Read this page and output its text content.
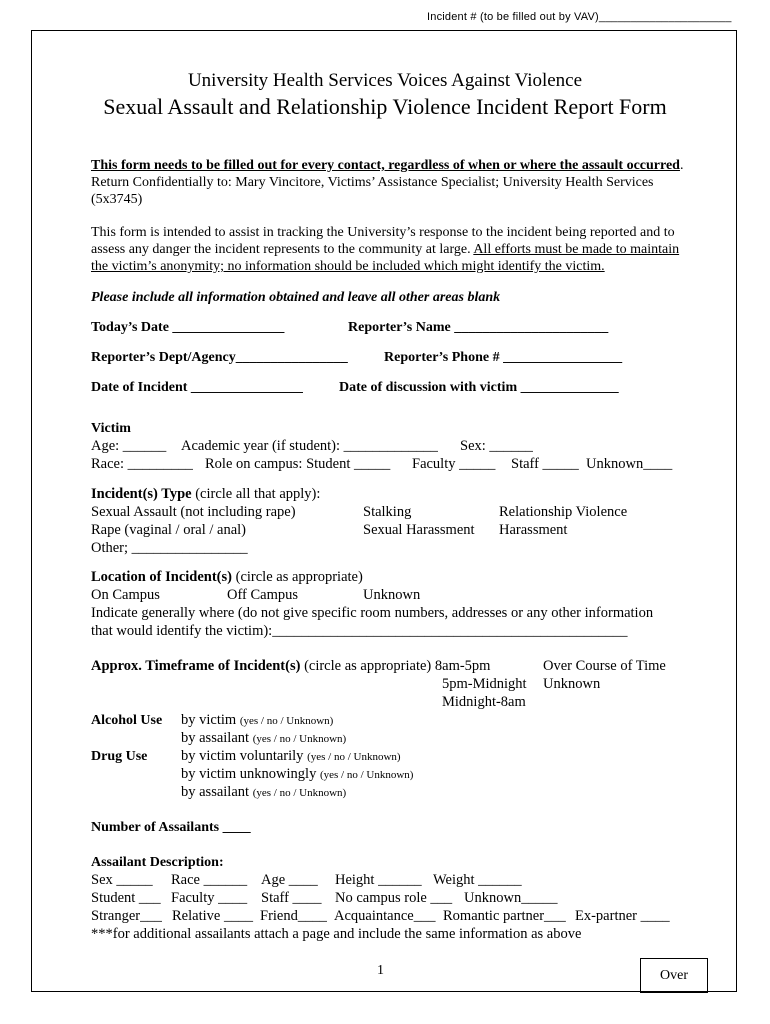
Incident # (to be filled out by VAV)_____________________
University Health Services Voices Against Violence
Sexual Assault and Relationship Violence Incident Report Form
This form needs to be filled out for every contact, regardless of when or where the assault occurred.
Return Confidentially to: Mary Vincitore, Victims’ Assistance Specialist; University Health Services
(5x3745)
This form is intended to assist in tracking the University’s response to the incident being reported and to
assess any danger the incident represents to the community at large. All efforts must be made to maintain
the victim’s anonymity; no information should be included which might identify the victim.
Please include all information obtained and leave all other areas blank
Today’s Date ________________	Reporter’s Name ______________________
Reporter’s Dept/Agency________________	Reporter’s Phone # _________________
Date of Incident ________________	Date of discussion with victim ______________
Victim
Age: ______ Academic year (if student): _____________ Sex: ______
Race: _________ Role on campus: Student _____ Faculty _____ Staff _____ Unknown____
Incident(s) Type (circle all that apply):
Sexual Assault (not including rape)	Stalking	Relationship Violence
Rape (vaginal / oral / anal)	Sexual Harassment Harassment
Other; ________________
Location of Incident(s) (circle as appropriate)
On Campus	Off Campus	Unknown
Indicate generally where (do not give specific room numbers, addresses or any other information
that would identify the victim):_________________________________________________
Approx. Timeframe of Incident(s) (circle as appropriate) 8am-5pm	Over Course of Time
5pm-Midnight Unknown
Midnight-8am
Alcohol Use by victim (yes / no / Unknown)
by assailant (yes / no / Unknown)
Drug Use by victim voluntarily (yes / no / Unknown)
by victim unknowingly (yes / no / Unknown)
by assailant (yes / no / Unknown)
Number of Assailants ____
Assailant Description:
Sex _____ Race ______ Age ____ Height ______ Weight ______
Student ___ Faculty ____ Staff ____ No campus role ___ Unknown_____
Stranger___ Relative ____ Friend____ Acquaintance___ Romantic partner___ Ex-partner ____
***for additional assailants attach a page and include the same information as above
1	Over
